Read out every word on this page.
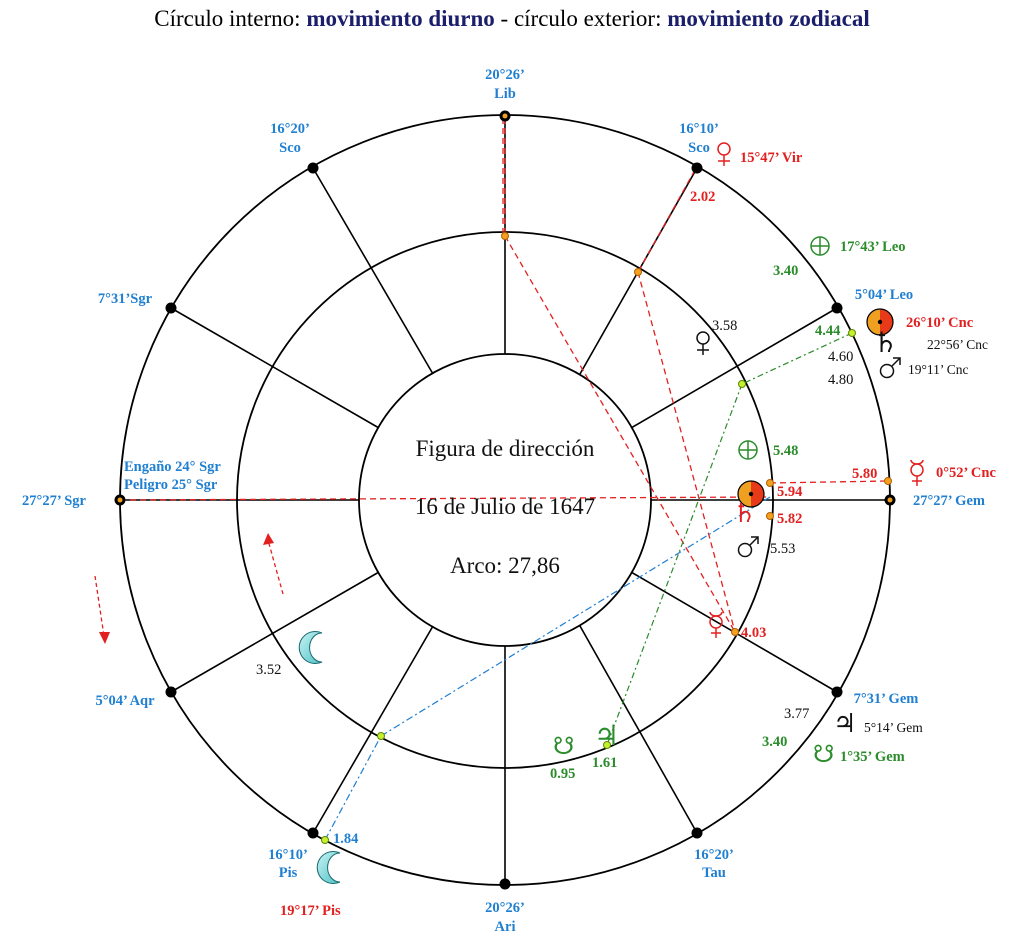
Círculo interno: movimiento diurno - círculo exterior: movimiento zodiacal
♄
♄
♃
♃
☋
☋
20°26’
Lib
16°20’
Sco
16°10’
Sco
7°31’Sgr	5°04’ Leo
27°27’ Sgr	27°27’ Gem
5°04’ Aqr	7°31’ Gem
16°10’
Pis
16°20’
Tau
20°26’
Ari
Engaño 24° Sgr
Peligro 25° Sgr
15°47’ Vir
2.02
17°43’ Leo
3.40
26°10’ Cnc
22°56’ Cnc
19°11’ Cnc
4.44
4.60
4.80
3.58
5.48
0°52’ Cnc
5.80
5.94
5.82
5.53
4.03
5°14’ Gem
3.77
1°35’ Gem
3.40
3.52
0.95
1.61
1.84
19°17’ Pis
Figura de dirección
16 de Julio de 1647
Arco: 27,86
